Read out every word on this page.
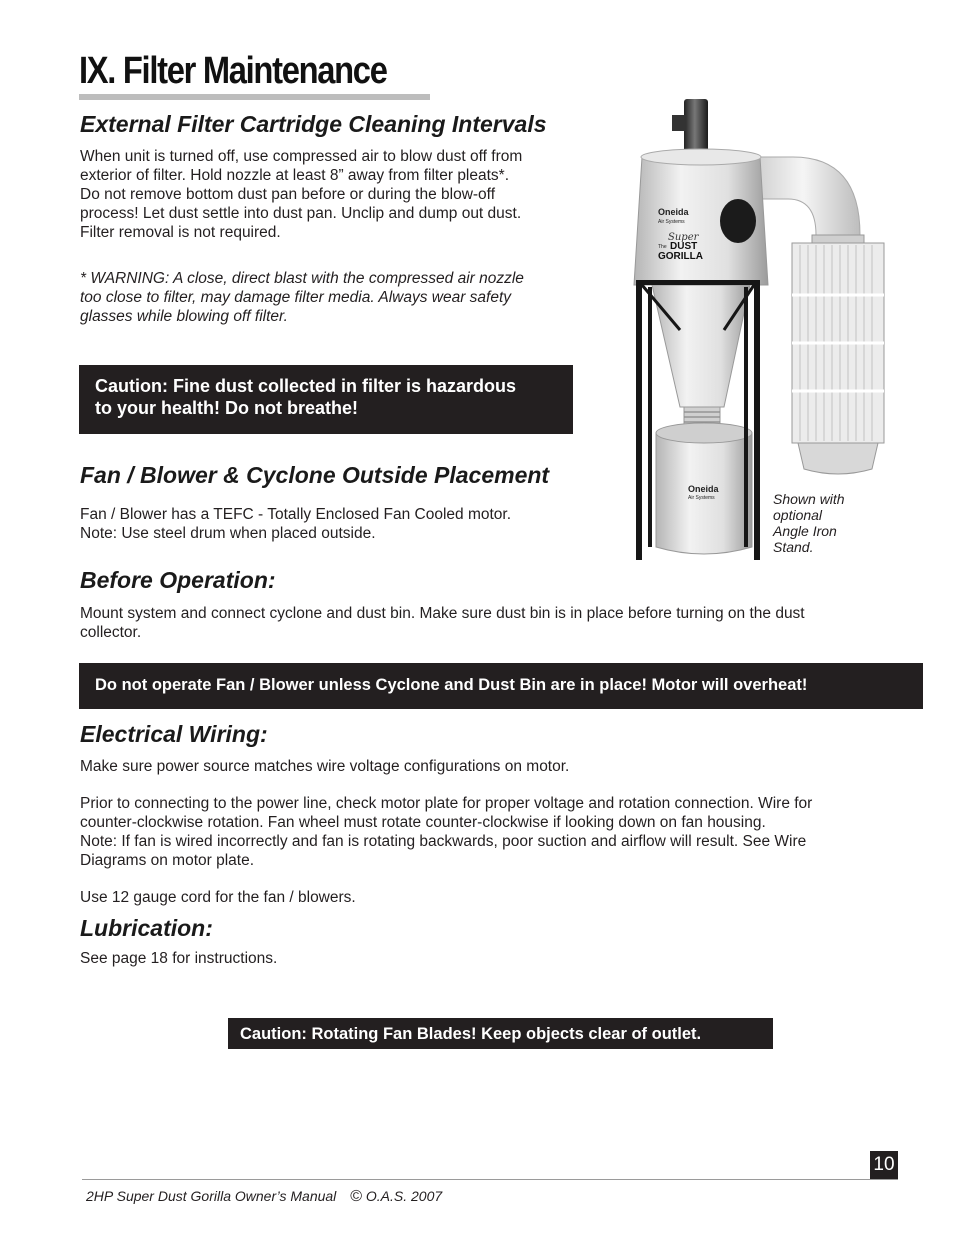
IX. Filter Maintenance
External Filter Cartridge Cleaning Intervals

When unit is turned off, use compressed air to blow dust off from

exterior of filter. Hold nozzle at least 8” away from filter pleats*.

Do not remove bottom dust pan before or during the blow-off

process! Let dust settle into dust pan. Unclip and dump out dust.

Filter removal is not required.

* WARNING: A close, direct blast with the compressed air nozzle

too close to filter, may damage filter media. Always wear safety

glasses while blowing off filter.

Caution: Fine dust collected in filter is hazardous
to your health! Do not breathe!
Fan / Blower & Cyclone Outside Placement

Fan / Blower has a TEFC - Totally Enclosed Fan Cooled motor.

Note: Use steel drum when placed outside.

Oneida
Air Systems
Super
The DUST
GORILLA
Oneida
Air Systems	Shown with

optional

Angle Iron

Stand.

Before Operation:

Mount system and connect cyclone and dust bin. Make sure dust bin is in place before turning on the dust

collector.

Do not operate Fan / Blower unless Cyclone and Dust Bin are in place! Motor will overheat!
Electrical Wiring:

Make sure power source matches wire voltage configurations on motor.

Prior to connecting to the power line, check motor plate for proper voltage and rotation connection. Wire for

counter-clockwise rotation. Fan wheel must rotate counter-clockwise if looking down on fan housing.

Note: If fan is wired incorrectly and fan is rotating backwards, poor suction and airflow will result. See Wire

Diagrams on motor plate.

Use 12 gauge cord for the fan / blowers.

Lubrication:

See page 18 for instructions.

Caution: Rotating Fan Blades! Keep objects clear of outlet.
10
2HP Super Dust Gorilla Owner’s Manual © O.A.S. 2007
